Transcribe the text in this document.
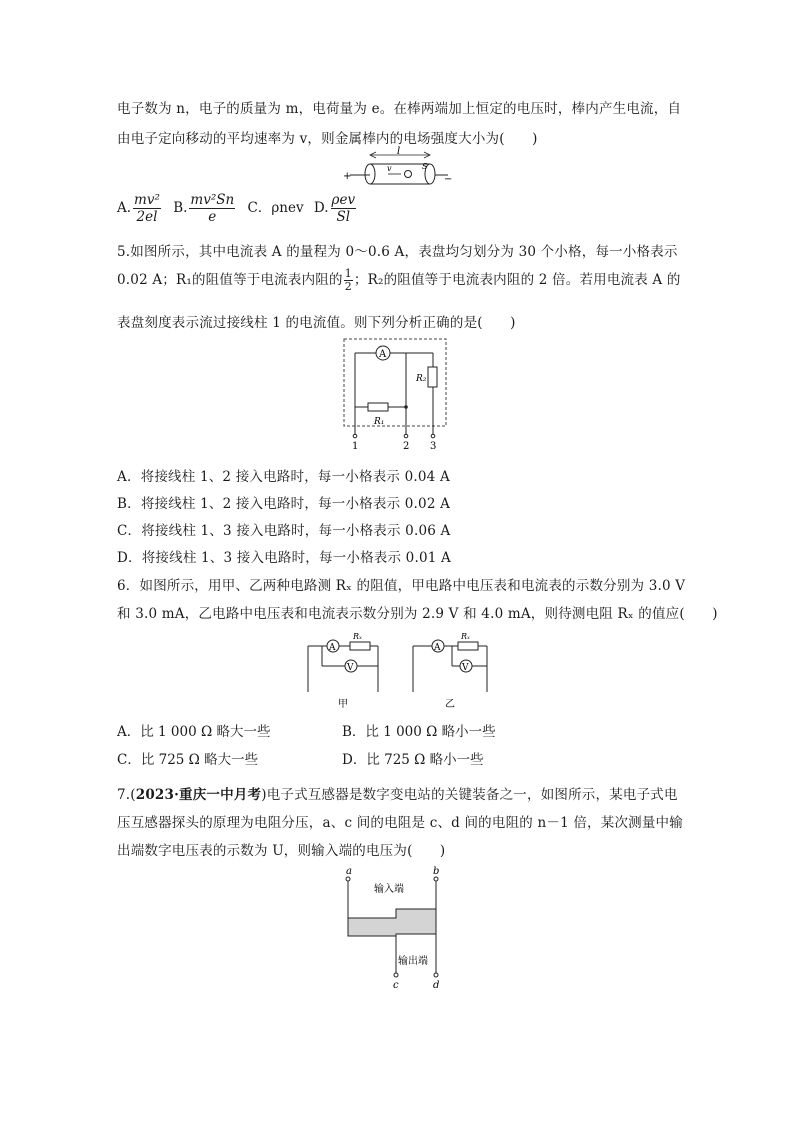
电子数为 n，电子的质量为 m，电荷量为 e。在棒两端加上恒定的电压时，棒内产生电流，自
由电子定向移动的平均速率为 v，则金属棒内的电场强度大小为(　　)
+	−
l
v	S
A. $\frac{\text{mv²}}{2el} B$. $\frac{\text{mv²Sn}}{e}$ C．ρnev D. $\frac{\text{ρev}}{Sl}$
5.如图所示，其中电流表 A 的量程为 0～0.6 A，表盘均匀划分为 30 个小格，每一小格表示
0.02 A；R₁的阻值等于电流表内阻的 $\frac{1}{2}$ ；R₂的阻值等于电流表内阻的 2 倍。若用电流表 A 的
表盘刻度表示流过接线柱 1 的电流值。则下列分析正确的是(　　)
A
R₂
R₁
1	2 3
A．将接线柱 1、2 接入电路时，每一小格表示 0.04 A
B．将接线柱 1、2 接入电路时，每一小格表示 0.02 A
C．将接线柱 1、3 接入电路时，每一小格表示 0.06 A
D．将接线柱 1、3 接入电路时，每一小格表示 0.01 A
6．如图所示，用甲、乙两种电路测 Rₓ 的阻值，甲电路中电压表和电流表的示数分别为 3.0 V
和 3.0 mA，乙电路中电压表和电流表示数分别为 2.9 V 和 4.0 mA，则待测电阻 Rₓ 的值应(　　)
A
Rₓ
V
甲
A
Rₓ
V
乙
A．比 1 000 Ω 略大一些	B．比 1 000 Ω 略小一些
C．比 725 Ω 略大一些	D．比 725 Ω 略小一些
7.(2023·重庆一中月考)电子式互感器是数字变电站的关键装备之一，如图所示，某电子式电
压互感器探头的原理为电阻分压，a、c 间的电阻是 c、d 间的电阻的 n－1 倍，某次测量中输
出端数字电压表的示数为 U，则输入端的电压为(　　)
a	b
输入端
输出端
c	d
